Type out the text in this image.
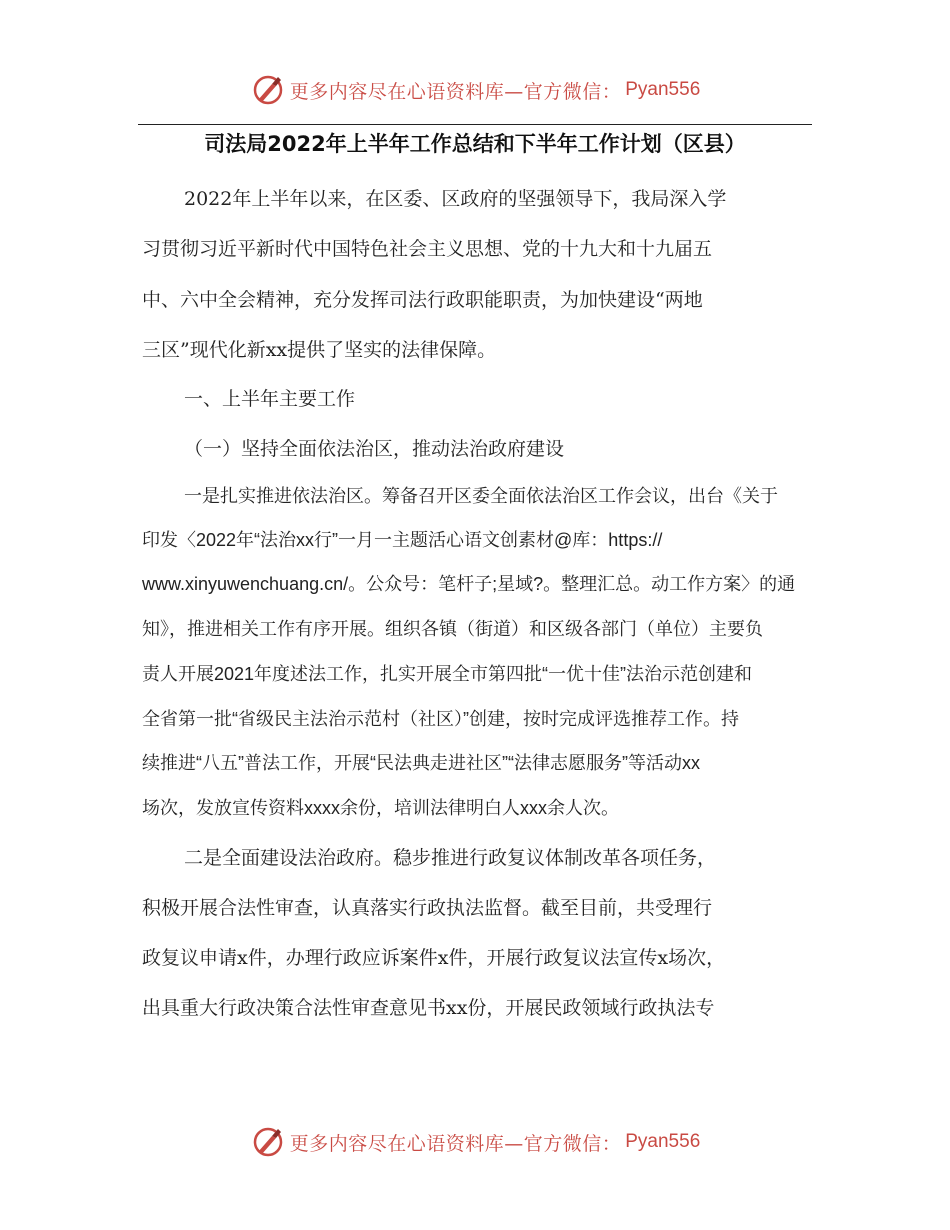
更多内容尽在心语资料库—官方微信： Pyan556
司法局2022年上半年工作总结和下半年工作计划（区县）
2022年上半年以来，在区委、区政府的坚强领导下，我局深入学
习贯彻习近平新时代中国特色社会主义思想、党的十九大和十九届五
中、六中全会精神，充分发挥司法行政职能职责，为加快建设“两地
三区”现代化新xx提供了坚实的法律保障。
一、上半年主要工作
（一）坚持全面依法治区，推动法治政府建设
一是扎实推进依法治区。筹备召开区委全面依法治区工作会议，出台《关于
印发〈2022年“法治xx行”一月一主题活心语文创素材@库：https://
www.xinyuwenchuang.cn/。公众号：笔杆子;星域?。整理汇总。动工作方案〉的通
知》，推进相关工作有序开展。组织各镇（街道）和区级各部门（单位）主要负
责人开展2021年度述法工作，扎实开展全市第四批“一优十佳”法治示范创建和
全省第一批“省级民主法治示范村（社区）”创建，按时完成评选推荐工作。持
续推进“八五”普法工作，开展“民法典走进社区”“法律志愿服务”等活动xx
场次，发放宣传资料xxxx余份，培训法律明白人xxx余人次。
二是全面建设法治政府。稳步推进行政复议体制改革各项任务，
积极开展合法性审查，认真落实行政执法监督。截至目前，共受理行
政复议申请x件，办理行政应诉案件x件，开展行政复议法宣传x场次，
出具重大行政决策合法性审查意见书xx份，开展民政领域行政执法专
更多内容尽在心语资料库—官方微信： Pyan556
